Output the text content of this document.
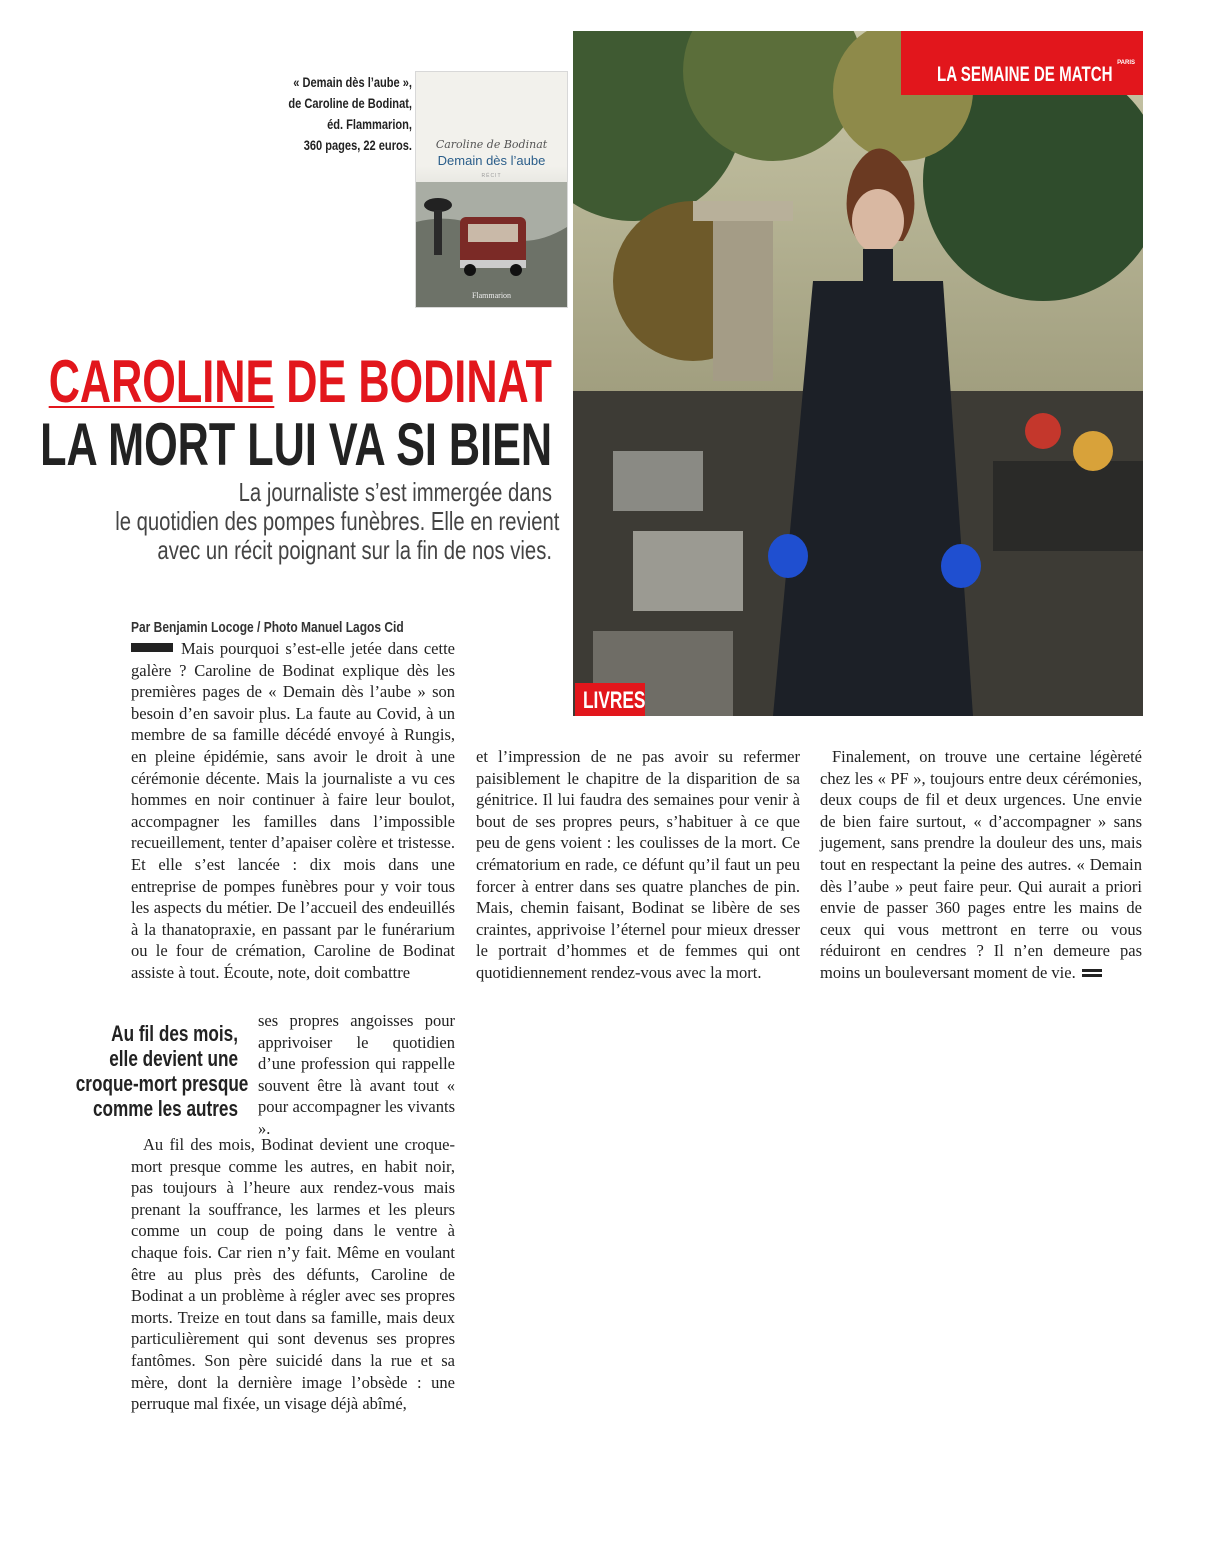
« Demain dès l’aube »,
de Caroline de Bodinat,
éd. Flammarion,
360 pages, 22 euros.	Caroline de Bodinat
Demain dès l’aube
RÉCIT
Flammarion
PARIS
LA SEMAINE DE MATCH
LIVRES
CAROLINE DE BODINAT
LA MORT LUI VA SI BIEN
La journaliste s’est immergée dans
le quotidien des pompes funèbres. Elle en revient
avec un récit poignant sur la fin de nos vies.
Par Benjamin Locoge / Photo Manuel Lagos Cid

Mais pourquoi s’est-elle jetée dans cette galère ? Caroline de Bodinat explique dès les premières pages de « Demain dès l’aube » son besoin d’en savoir plus. La faute au Covid, à un membre de sa famille décédé envoyé à Rungis, en pleine épidémie, sans avoir le droit à une cérémonie décente. Mais la journaliste a vu ces hommes en noir continuer à faire leur boulot, accompagner les familles dans l’impossible recueillement, tenter d’apaiser colère et tristesse. Et elle s’est lancée : dix mois dans une entreprise de pompes funèbres pour y voir tous les aspects du métier. De l’accueil des endeuillés à la thanatopraxie, en passant par le funérarium ou le four de crémation, Caroline de Bodinat assiste à tout. Écoute, note, doit combattre

Au fil des mois,
elle devient une
croque-mort presque
comme les autres

ses propres angoisses pour apprivoiser le quotidien d’une profession qui rappelle souvent être là avant tout « pour accompagner les vivants ».

Au fil des mois, Bodinat devient une croque-mort presque comme les autres, en habit noir, pas toujours à l’heure aux rendez-vous mais prenant la souffrance, les larmes et les pleurs comme un coup de poing dans le ventre à chaque fois. Car rien n’y fait. Même en voulant être au plus près des défunts, Caroline de Bodinat a un problème à régler avec ses propres morts. Treize en tout dans sa famille, mais deux particulièrement qui sont devenus ses propres fantômes. Son père suicidé dans la rue et sa mère, dont la dernière image l’obsède : une perruque mal fixée, un visage déjà abîmé,

et l’impression de ne pas avoir su refermer paisiblement le chapitre de la disparition de sa génitrice. Il lui faudra des semaines pour venir à bout de ses propres peurs, s’habituer à ce que peu de gens voient : les coulisses de la mort. Ce crématorium en rade, ce défunt qu’il faut un peu forcer à entrer dans ses quatre planches de pin. Mais, chemin faisant, Bodinat se libère de ses craintes, apprivoise l’éternel pour mieux dresser le portrait d’hommes et de femmes qui ont quotidiennement rendez-vous avec la mort.

Finalement, on trouve une certaine légèreté chez les « PF », toujours entre deux cérémonies, deux coups de fil et deux urgences. Une envie de bien faire surtout, « d’accompagner » sans jugement, sans prendre la douleur des uns, mais tout en respectant la peine des autres. « Demain dès l’aube » peut faire peur. Qui aurait a priori envie de passer 360 pages entre les mains de ceux qui vous mettront en terre ou vous réduiront en cendres ? Il n’en demeure pas moins un bouleversant moment de vie.
